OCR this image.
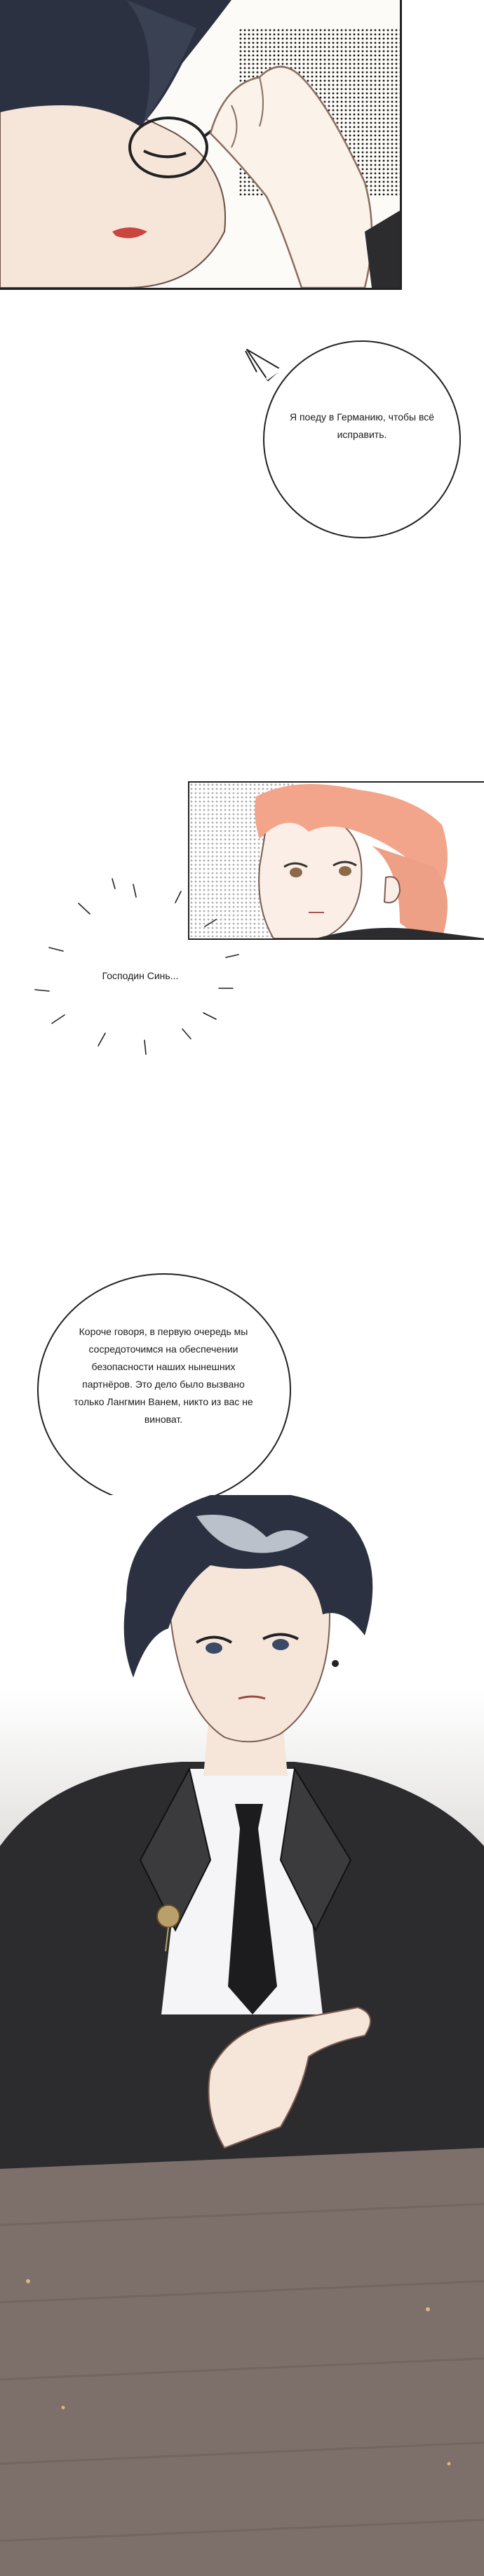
Я поеду в Германию, чтобы всё исправить.
Господин Синь...
Короче говоря, в первую очередь мы сосредоточимся на обеспечении безопасности наших нынешних партнёров. Это дело было вызвано только Лангмин Ванем, никто из вас не виноват.
